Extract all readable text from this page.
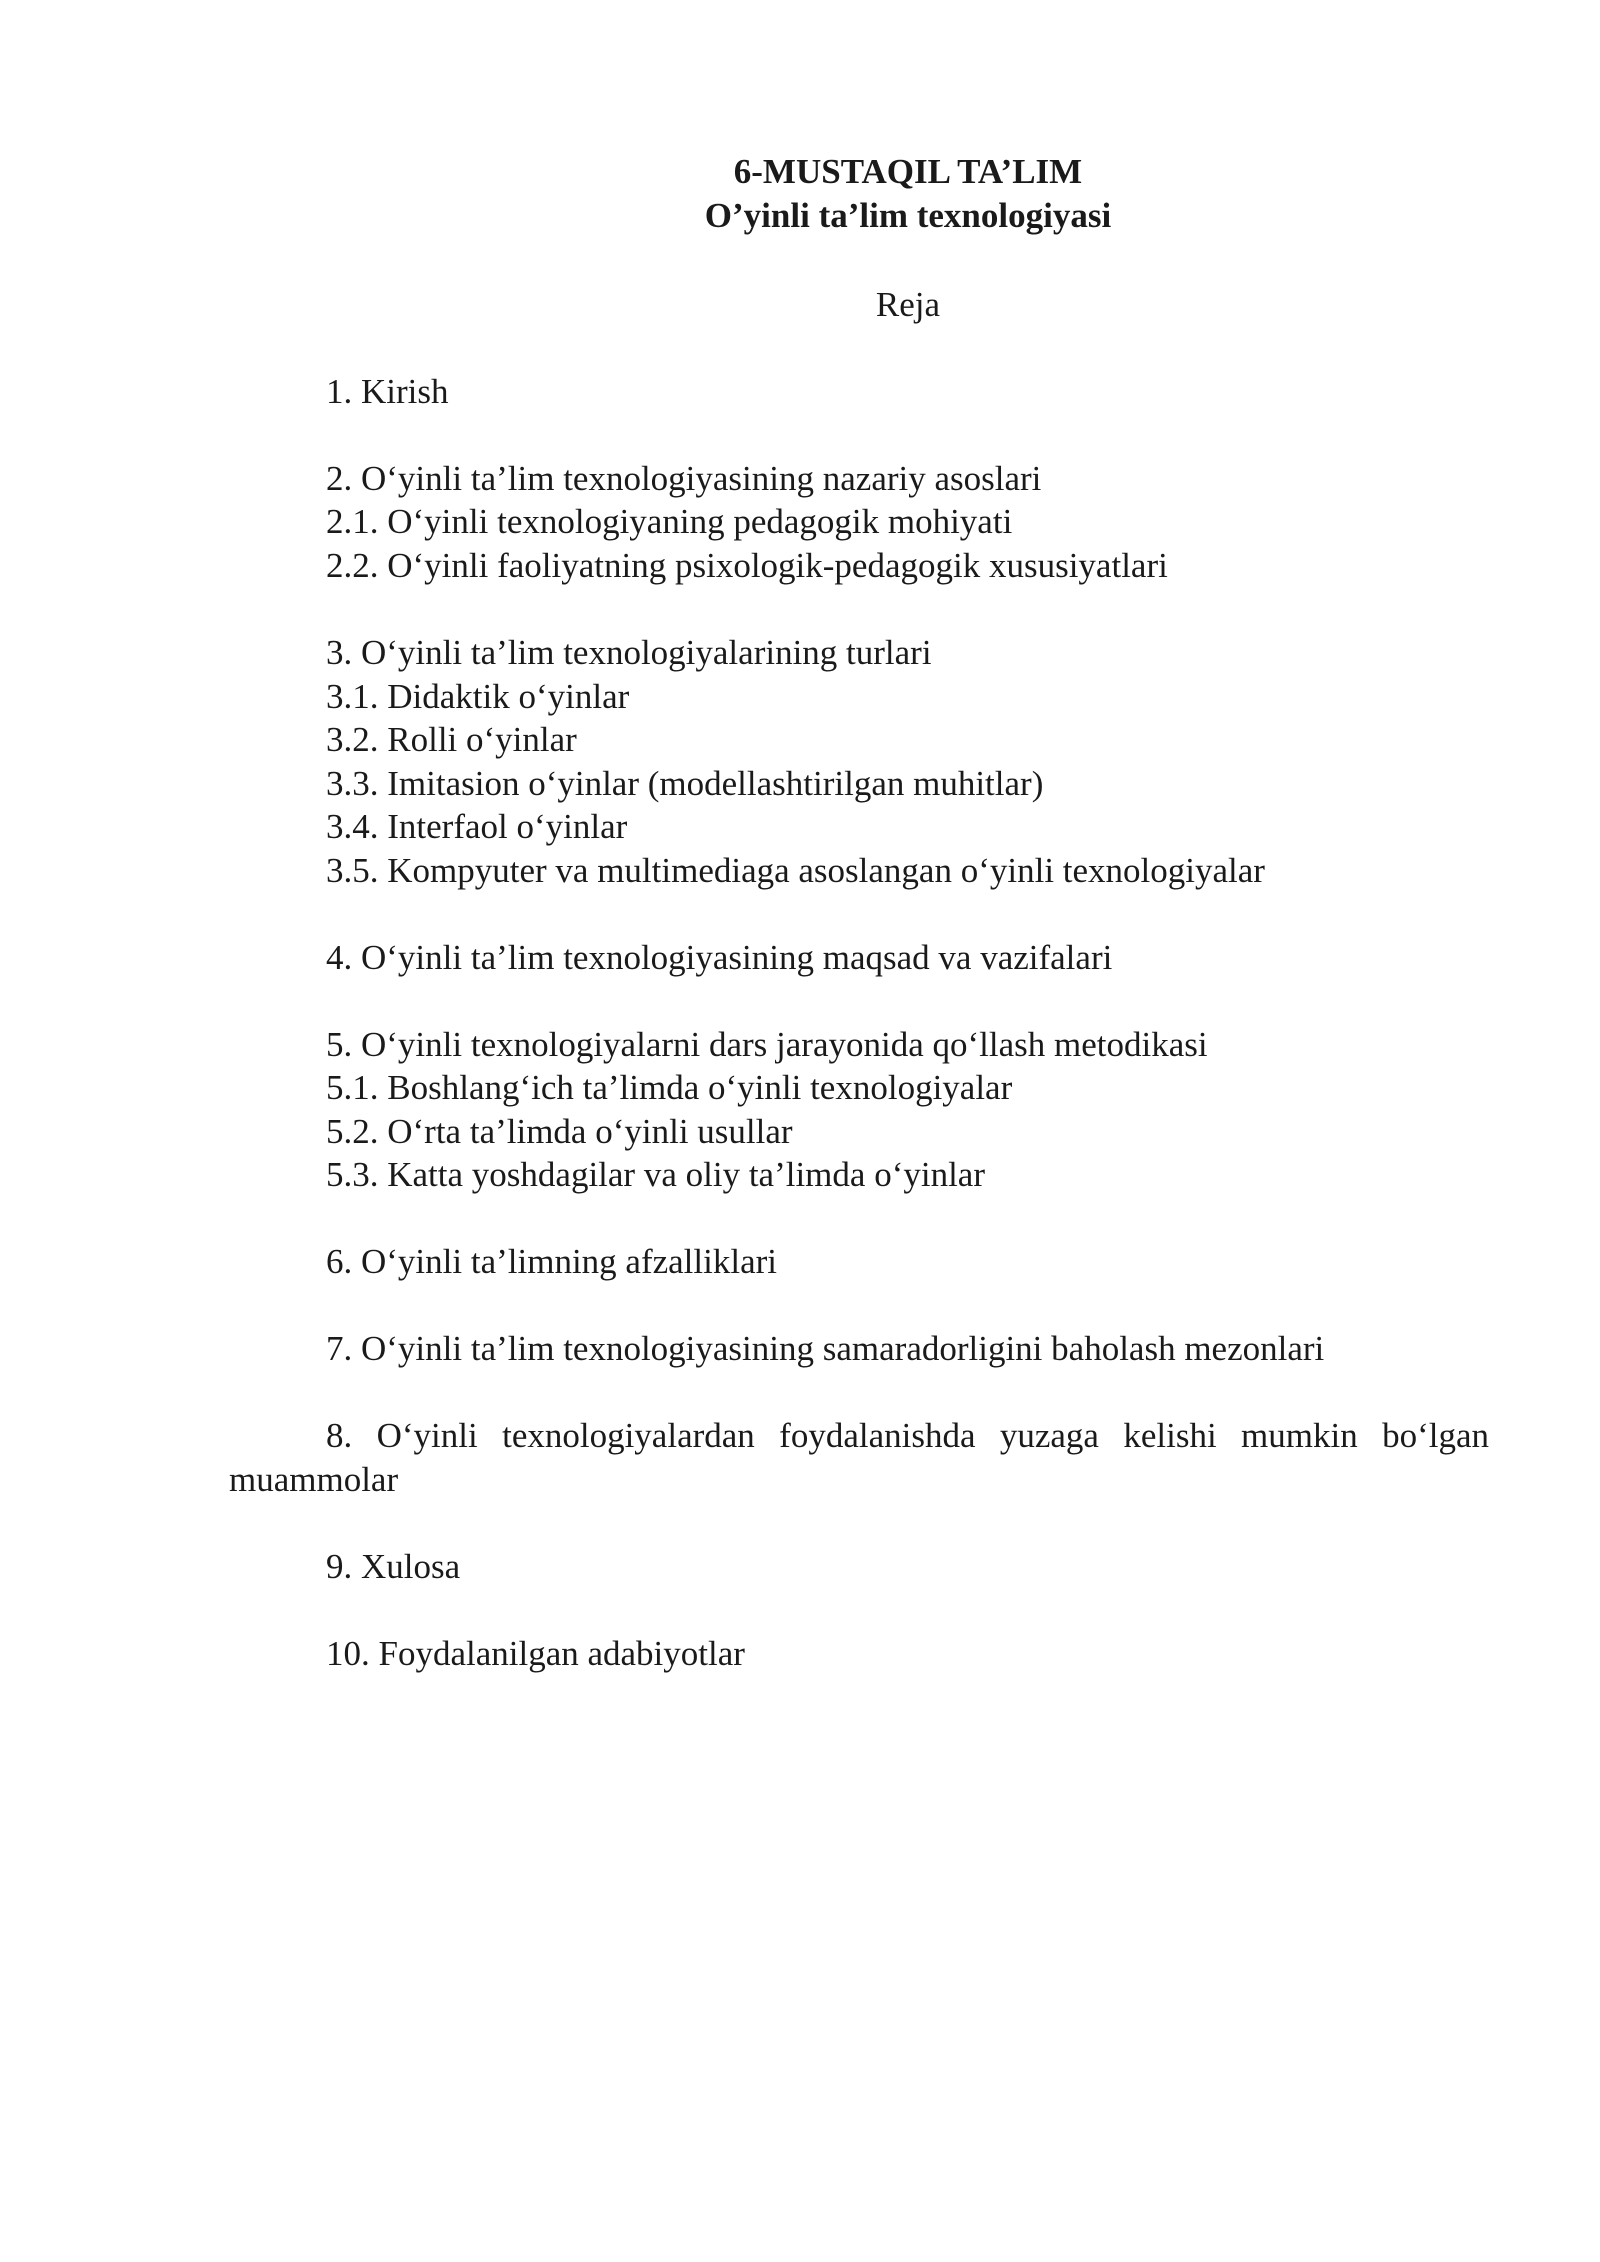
6-MUSTAQIL TA’LIM
O’yinli ta’lim texnologiyasi
Reja
1. Kirish
2. O‘yinli ta’lim texnologiyasining nazariy asoslari
2.1. O‘yinli texnologiyaning pedagogik mohiyati
2.2. O‘yinli faoliyatning psixologik-pedagogik xususiyatlari
3. O‘yinli ta’lim texnologiyalarining turlari
3.1. Didaktik o‘yinlar
3.2. Rolli o‘yinlar
3.3. Imitasion o‘yinlar (modellashtirilgan muhitlar)
3.4. Interfaol o‘yinlar
3.5. Kompyuter va multimediaga asoslangan o‘yinli texnologiyalar
4. O‘yinli ta’lim texnologiyasining maqsad va vazifalari
5. O‘yinli texnologiyalarni dars jarayonida qo‘llash metodikasi
5.1. Boshlang‘ich ta’limda o‘yinli texnologiyalar
5.2. O‘rta ta’limda o‘yinli usullar
5.3. Katta yoshdagilar va oliy ta’limda o‘yinlar
6. O‘yinli ta’limning afzalliklari
7. O‘yinli ta’lim texnologiyasining samaradorligini baholash mezonlari
8. O‘yinli texnologiyalardan foydalanishda yuzaga kelishi mumkin bo‘lgan
muammolar
9. Xulosa
10. Foydalanilgan adabiyotlar
